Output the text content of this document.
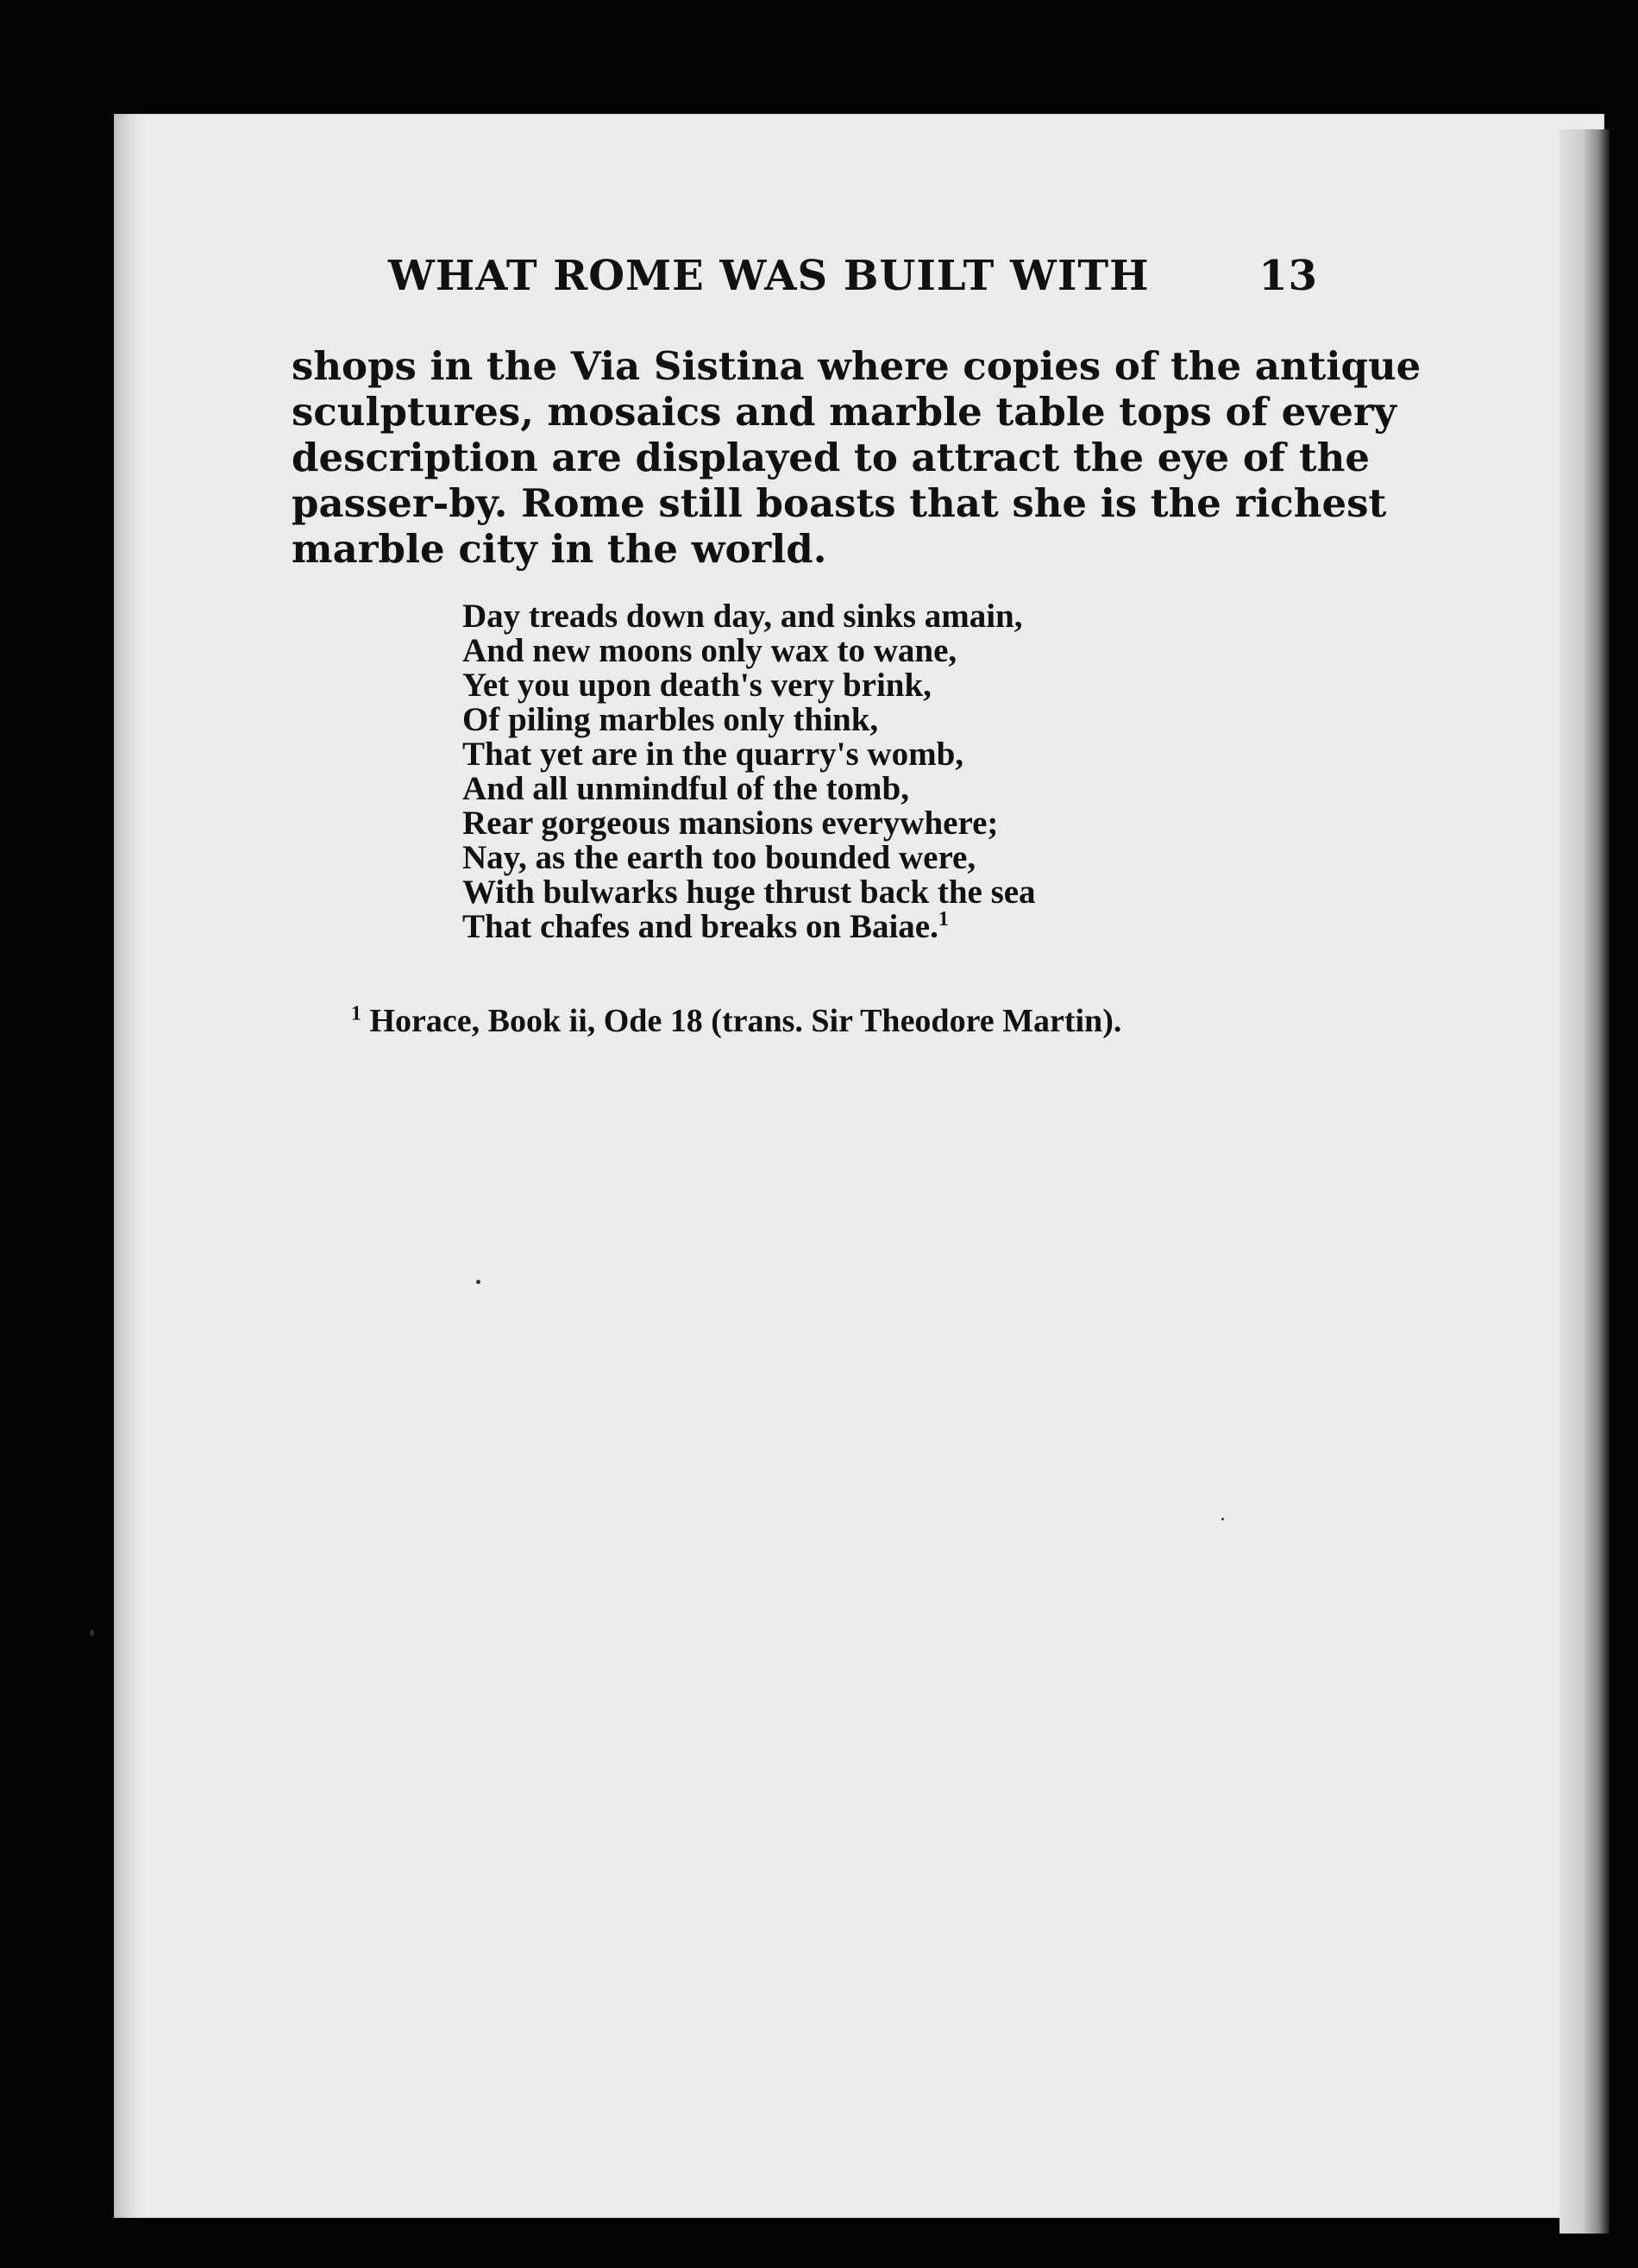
WHAT ROME WAS BUILT WITH	13
shops in the Via Sistina where copies of the antique
sculptures, mosaics and marble table tops of every
description are displayed to attract the eye of the
passer-by. Rome still boasts that she is the richest
marble city in the world.
Day treads down day, and sinks amain,
And new moons only wax to wane,
Yet you upon death's very brink,
Of piling marbles only think,
That yet are in the quarry's womb,
And all unmindful of the tomb,
Rear gorgeous mansions everywhere;
Nay, as the earth too bounded were,
With bulwarks huge thrust back the sea
That chafes and breaks on Baiae.$^1$
$^1$ Horace, Book ii, Ode 18 (trans. Sir Theodore Martin).
